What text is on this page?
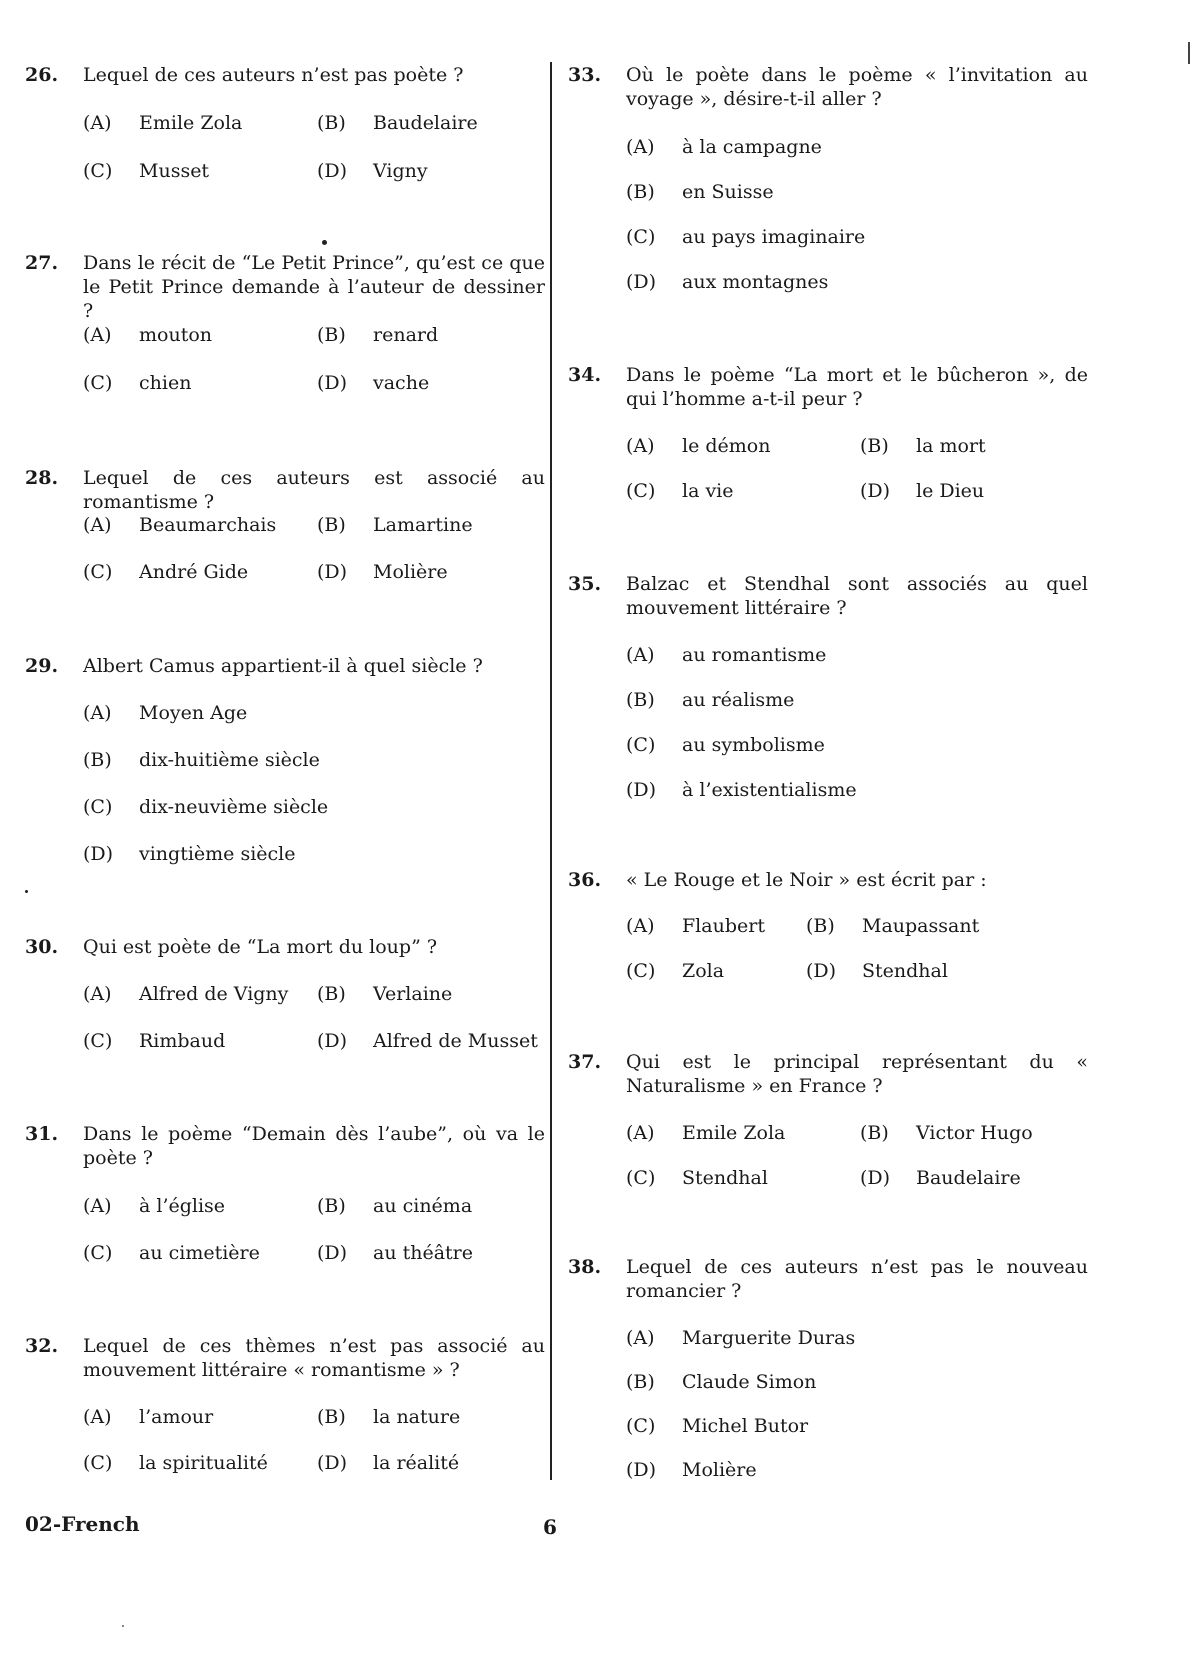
26. Lequel de ces auteurs n’est pas poète ?
(A) Emile Zola	(B) Baudelaire
(C) Musset	(D) Vigny
27. Dans le récit de “Le Petit Prince”, qu’est ce que le Petit Prince demande à l’auteur de dessiner ?
(A) mouton	(B) renard
(C) chien	(D) vache
28. Lequel de ces auteurs est associé au romantisme ?
(A) Beaumarchais (B) Lamartine
(C) André Gide	(D) Molière
29. Albert Camus appartient-il à quel siècle ?
(A) Moyen Age
(B) dix-huitième siècle
(C) dix-neuvième siècle
(D) vingtième siècle
30. Qui est poète de “La mort du loup” ?
(A) Alfred de Vigny (B) Verlaine
(C) Rimbaud	(D) Alfred de Musset
31. Dans le poème “Demain dès l’aube”, où va le poète ?
(A) à l’église	(B) au cinéma
(C) au cimetière	(D) au théâtre
32. Lequel de ces thèmes n’est pas associé au mouvement littéraire « romantisme » ?
(A) l’amour	(B) la nature
(C) la spiritualité	(D) la réalité
33. Où le poète dans le poème « l’invitation au voyage », désire-t-il aller ?
(A) à la campagne
(B) en Suisse
(C) au pays imaginaire
(D) aux montagnes
34. Dans le poème “La mort et le bûcheron », de qui l’homme a-t-il peur ?
(A) le démon	(B) la mort
(C) la vie	(D) le Dieu
35. Balzac et Stendhal sont associés au quel mouvement littéraire ?
(A) au romantisme
(B) au réalisme
(C) au symbolisme
(D) à l’existentialisme
36. « Le Rouge et le Noir » est écrit par :
(A) Flaubert (B) Maupassant
(C) Zola	(D) Stendhal
37. Qui est le principal représentant du « Naturalisme » en France ?
(A) Emile Zola	(B) Victor Hugo
(C) Stendhal	(D) Baudelaire
38. Lequel de ces auteurs n’est pas le nouveau romancier ?
(A) Marguerite Duras
(B) Claude Simon
(C) Michel Butor
(D) Molière
02-French	6
